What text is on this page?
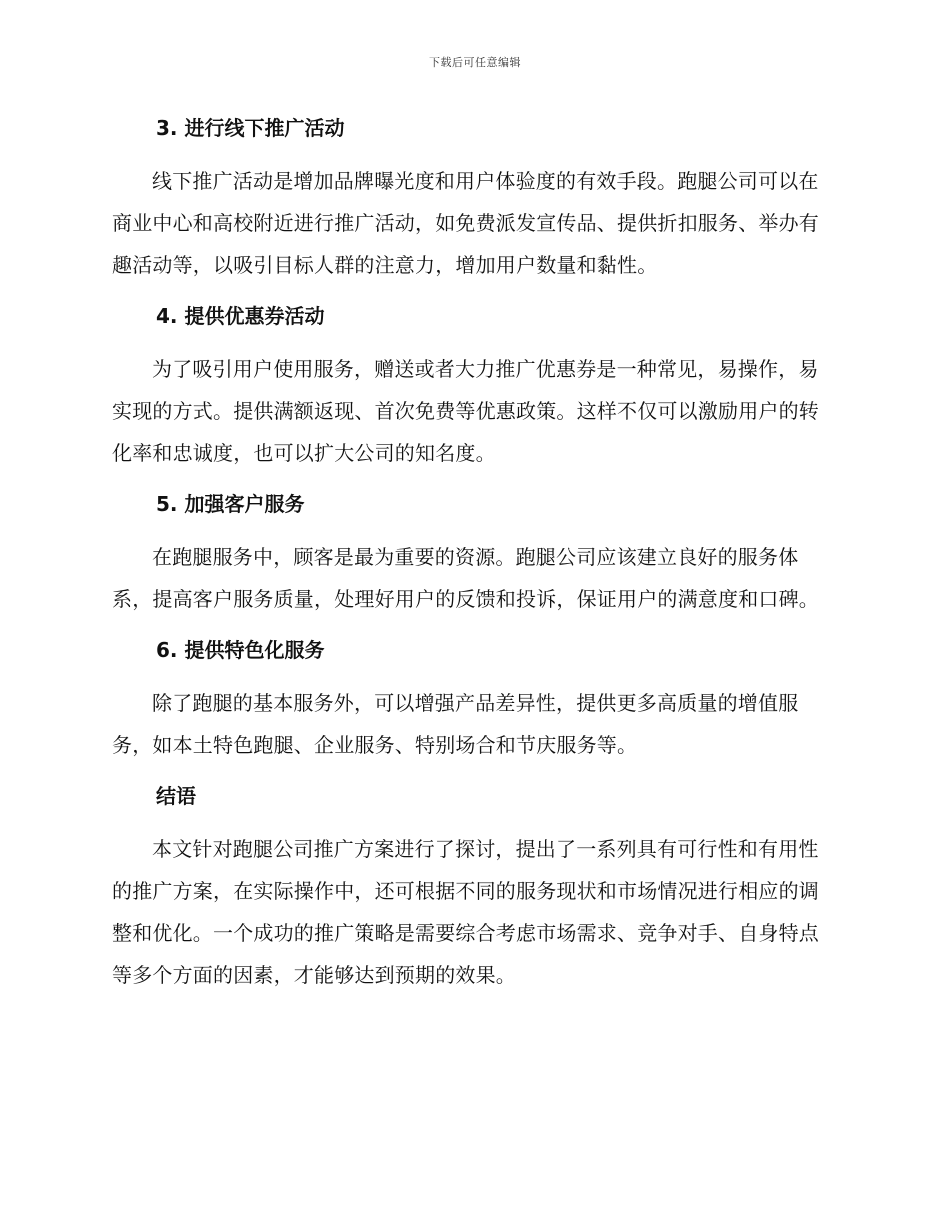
下载后可任意编辑
3. 进行线下推广活动

线下推广活动是增加品牌曝光度和用户体验度的有效手段。跑腿公司可以在商业中心和高校附近进行推广活动，如免费派发宣传品、提供折扣服务、举办有趣活动等，以吸引目标人群的注意力，增加用户数量和黏性。

4. 提供优惠券活动

为了吸引用户使用服务，赠送或者大力推广优惠券是一种常见，易操作，易实现的方式。提供满额返现、首次免费等优惠政策。这样不仅可以激励用户的转化率和忠诚度，也可以扩大公司的知名度。

5. 加强客户服务

在跑腿服务中，顾客是最为重要的资源。跑腿公司应该建立良好的服务体系，提高客户服务质量，处理好用户的反馈和投诉，保证用户的满意度和口碑。

6. 提供特色化服务

除了跑腿的基本服务外，可以增强产品差异性，提供更多高质量的增值服务，如本土特色跑腿、企业服务、特别场合和节庆服务等。

结语

本文针对跑腿公司推广方案进行了探讨，提出了一系列具有可行性和有用性的推广方案，在实际操作中，还可根据不同的服务现状和市场情况进行相应的调整和优化。一个成功的推广策略是需要综合考虑市场需求、竞争对手、自身特点等多个方面的因素，才能够达到预期的效果。
